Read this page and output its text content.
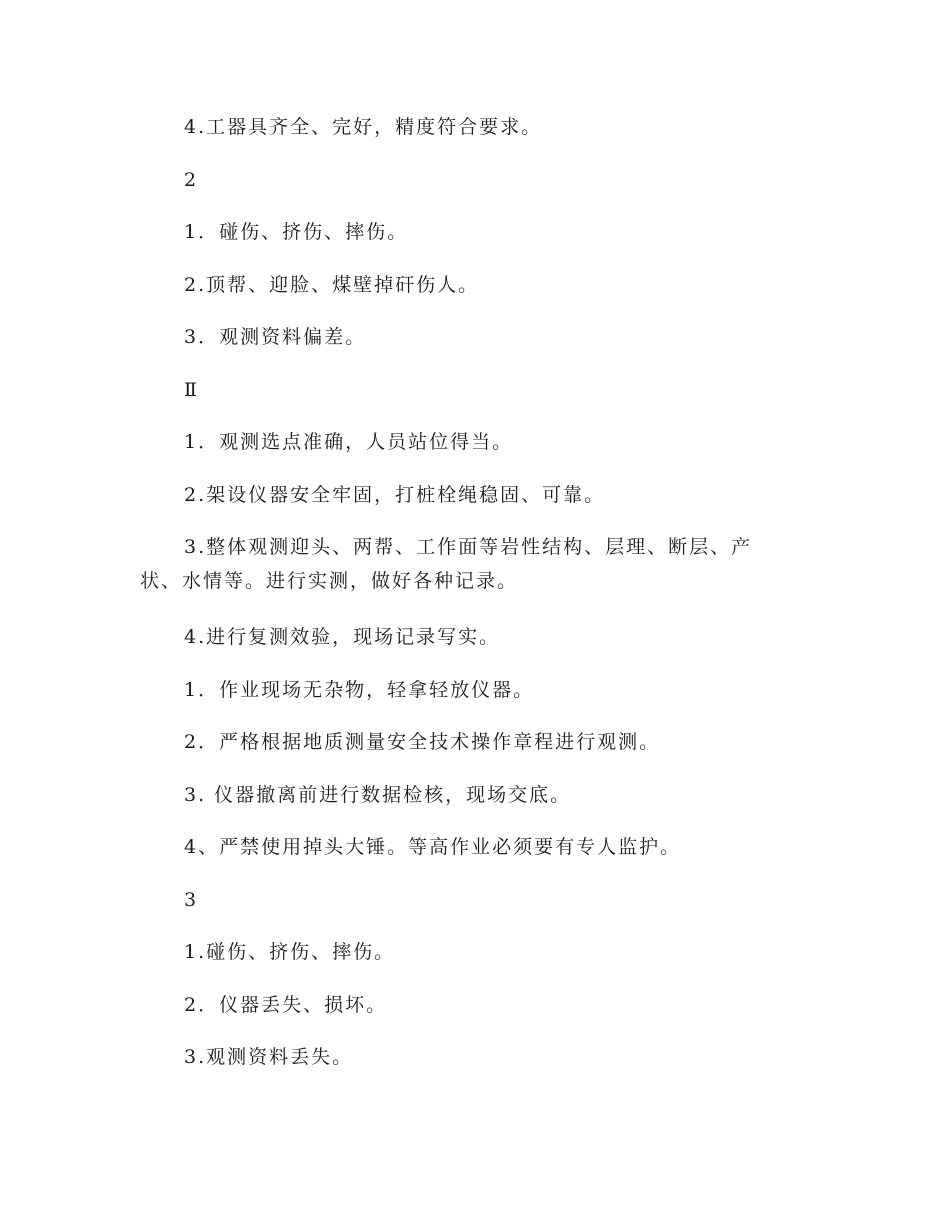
4.工器具齐全、完好，精度符合要求。

2

1．碰伤、挤伤、摔伤。

2.顶帮、迎脸、煤壁掉矸伤人。

3．观测资料偏差。

Ⅱ

1．观测选点准确，人员站位得当。

2.架设仪器安全牢固，打桩栓绳稳固、可靠。

3.整体观测迎头、两帮、工作面等岩性结构、层理、断层、产状、水情等。进行实测，做好各种记录。

4.进行复测效验，现场记录写实。

1．作业现场无杂物，轻拿轻放仪器。

2．严格根据地质测量安全技术操作章程进行观测。

3. 仪器撤离前进行数据检核，现场交底。

4、严禁使用掉头大锤。等高作业必须要有专人监护。

3

1.碰伤、挤伤、摔伤。

2．仪器丢失、损坏。

3.观测资料丢失。
